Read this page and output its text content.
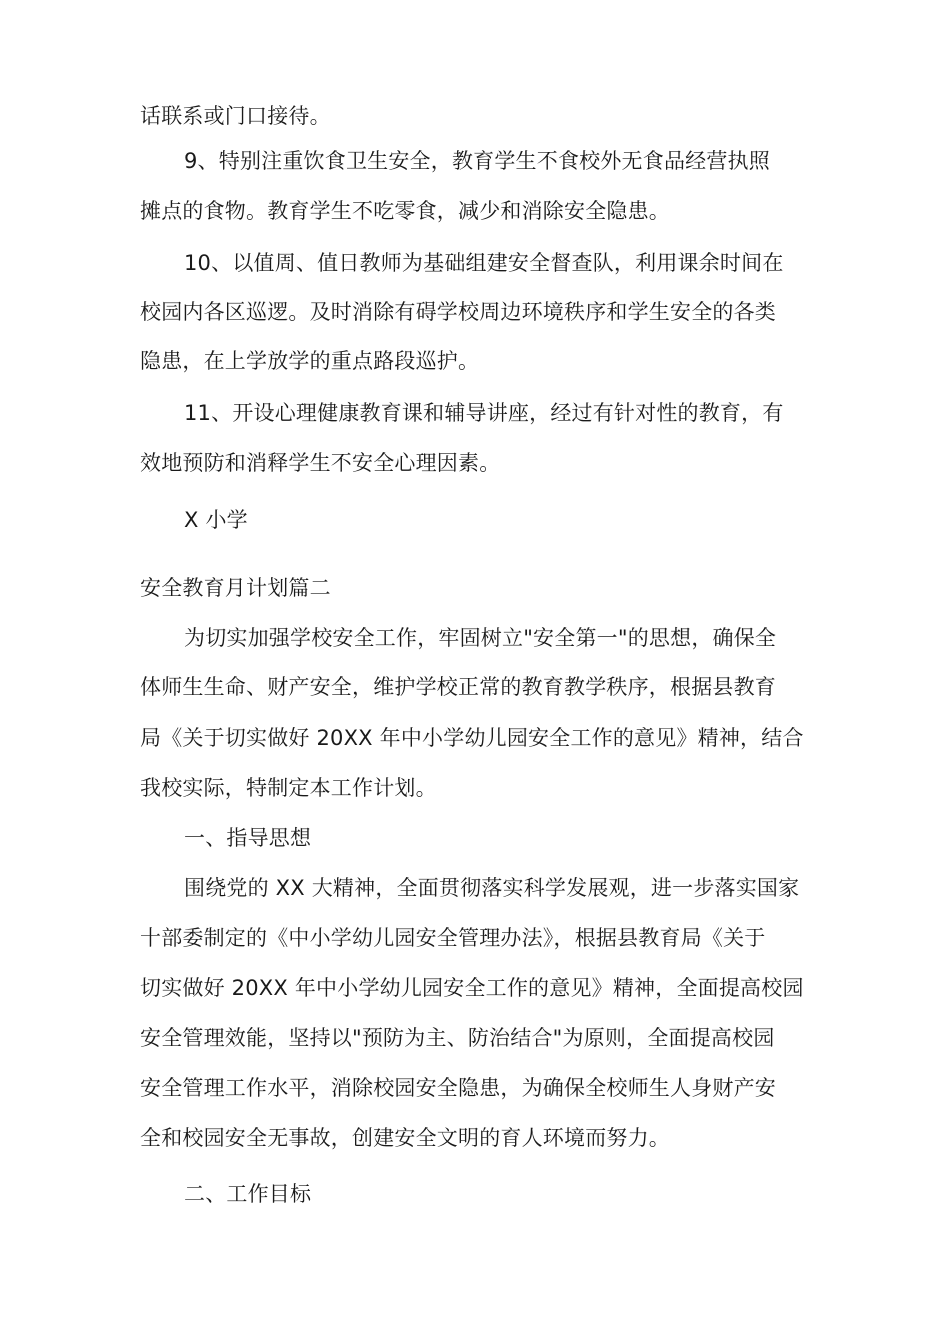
话联系或门口接待。
9、特别注重饮食卫生安全，教育学生不食校外无食品经营执照
摊点的食物。教育学生不吃零食，减少和消除安全隐患。
10、以值周、值日教师为基础组建安全督查队，利用课余时间在
校园内各区巡逻。及时消除有碍学校周边环境秩序和学生安全的各类
隐患，在上学放学的重点路段巡护。
11、开设心理健康教育课和辅导讲座，经过有针对性的教育，有
效地预防和消释学生不安全心理因素。
X 小学
安全教育月计划篇二
为切实加强学校安全工作，牢固树立"安全第一"的思想，确保全
体师生生命、财产安全，维护学校正常的教育教学秩序，根据县教育
局《关于切实做好 20XX 年中小学幼儿园安全工作的意见》精神，结合
我校实际，特制定本工作计划。
一、指导思想
围绕党的 XX 大精神，全面贯彻落实科学发展观，进一步落实国家
十部委制定的《中小学幼儿园安全管理办法》，根据县教育局《关于
切实做好 20XX 年中小学幼儿园安全工作的意见》精神，全面提高校园
安全管理效能，坚持以"预防为主、防治结合"为原则，全面提高校园
安全管理工作水平，消除校园安全隐患，为确保全校师生人身财产安
全和校园安全无事故，创建安全文明的育人环境而努力。
二、工作目标
